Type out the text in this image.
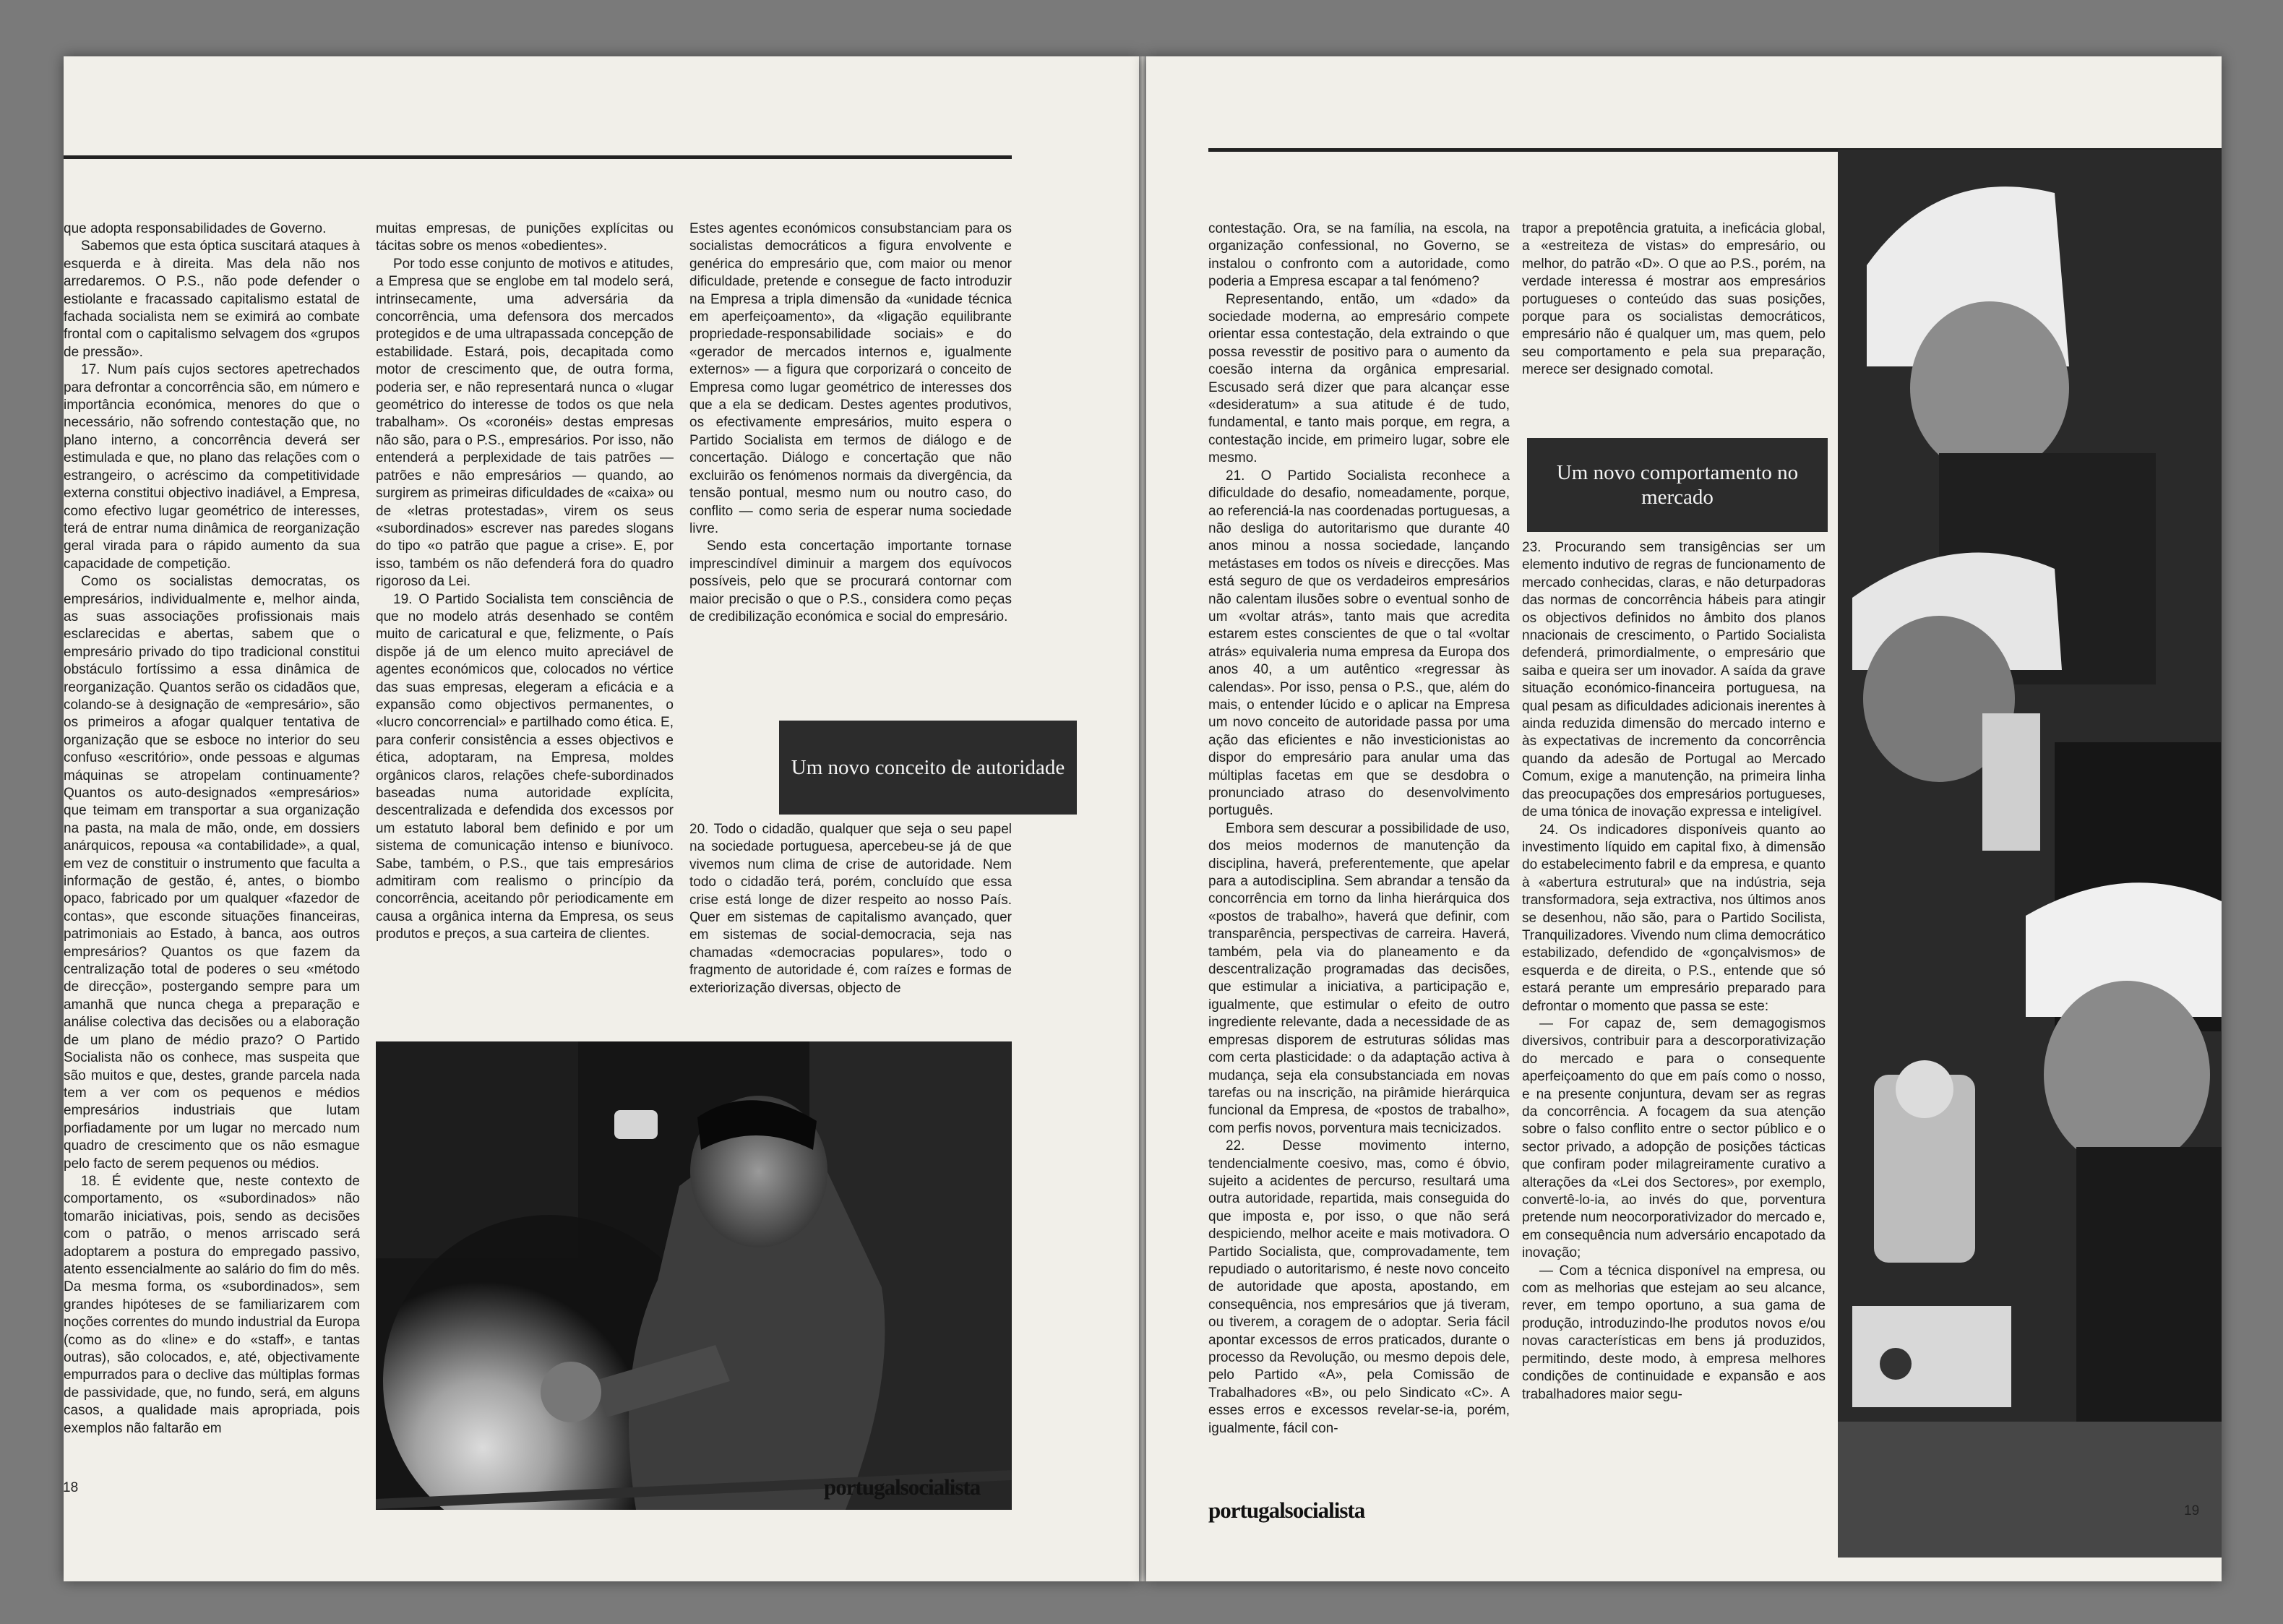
que adopta responsabilidades de Governo.

Sabemos que esta óptica suscitará ataques à esquerda e à direita. Mas dela não nos arredaremos. O P.S., não pode defender o estiolante e fracassado capitalismo estatal de fachada socialista nem se eximirá ao combate frontal com o capitalismo selvagem dos «grupos de pressão».

17. Num país cujos sectores apetrechados para defrontar a concorrência são, em número e importância económica, menores do que o necessário, não sofrendo contestação que, no plano interno, a concorrência deverá ser estimulada e que, no plano das relações com o estrangeiro, o acréscimo da competitividade externa constitui objectivo inadiável, a Empresa, como efectivo lugar geométrico de interesses, terá de entrar numa dinâmica de reorganização geral virada para o rápido aumento da sua capacidade de competição.

Como os socialistas democratas, os empresários, individualmente e, melhor ainda, as suas associações profissionais mais esclarecidas e abertas, sabem que o empresário privado do tipo tradicional constitui obstáculo fortíssimo a essa dinâmica de reorganização. Quantos serão os cidadãos que, colando-se à designação de «empresário», são os primeiros a afogar qualquer tentativa de organização que se esboce no interior do seu confuso «escritório», onde pessoas e algumas máquinas se atropelam continuamente? Quantos os auto-designados «empresários» que teimam em transportar a sua organização na pasta, na mala de mão, onde, em dossiers anárquicos, repousa «a contabilidade», a qual, em vez de constituir o instrumento que faculta a informação de gestão, é, antes, o biombo opaco, fabricado por um qualquer «fazedor de contas», que esconde situações financeiras, patrimoniais ao Estado, à banca, aos outros empresários? Quantos os que fazem da centralização total de poderes o seu «método de direcção», postergando sempre para um amanhã que nunca chega a preparação e análise colectiva das decisões ou a elaboração de um plano de médio prazo? O Partido Socialista não os conhece, mas suspeita que são muitos e que, destes, grande parcela nada tem a ver com os pequenos e médios empresários industriais que lutam porfiadamente por um lugar no mercado num quadro de crescimento que os não esmague pelo facto de serem pequenos ou médios.

18. É evidente que, neste contexto de comportamento, os «subordinados» não tomarão iniciativas, pois, sendo as decisões com o patrão, o menos arriscado será adoptarem a postura do empregado passivo, atento essencialmente ao salário do fim do mês. Da mesma forma, os «subordinados», sem grandes hipóteses de se familiarizarem com noções correntes do mundo industrial da Europa (como as do «line» e do «staff», e tantas outras), são colocados, e, até, objectivamente empurrados para o declive das múltiplas formas de passividade, que, no fundo, será, em alguns casos, a qualidade mais apropriada, pois exemplos não faltarão em

muitas empresas, de punições explícitas ou tácitas sobre os menos «obedientes».

Por todo esse conjunto de motivos e atitudes, a Empresa que se englobe em tal modelo será, intrinsecamente, uma adversária da concorrência, uma defensora dos mercados protegidos e de uma ultrapassada concepção de estabilidade. Estará, pois, decapitada como motor de crescimento que, de outra forma, poderia ser, e não representará nunca o «lugar geométrico do interesse de todos os que nela trabalham». Os «coronéis» destas empresas não são, para o P.S., empresários. Por isso, não entenderá a perplexidade de tais patrões — patrões e não empresários — quando, ao surgirem as primeiras dificuldades de «caixa» ou de «letras protestadas», virem os seus «subordinados» escrever nas paredes slogans do tipo «o patrão que pague a crise». E, por isso, também os não defenderá fora do quadro rigoroso da Lei.

19. O Partido Socialista tem consciência de que no modelo atrás desenhado se contêm muito de caricatural e que, felizmente, o País dispõe já de um elenco muito apreciável de agentes económicos que, colocados no vértice das suas empresas, elegeram a eficácia e a expansão como objectivos permanentes, o «lucro concorrencial» e partilhado como ética. E, para conferir consistência a esses objectivos e ética, adoptaram, na Empresa, moldes orgânicos claros, relações chefe-subordinados baseadas numa autoridade explícita, descentralizada e defendida dos excessos por um estatuto laboral bem definido e por um sistema de comunicação intenso e biunívoco. Sabe, também, o P.S., que tais empresários admitiram com realismo o princípio da concorrência, aceitando pôr periodicamente em causa a orgânica interna da Empresa, os seus produtos e preços, a sua carteira de clientes.

Estes agentes económicos consubstanciam para os socialistas democráticos a figura envolvente e genérica do empresário que, com maior ou menor dificuldade, pretende e consegue de facto introduzir na Empresa a tripla dimensão da «unidade técnica em aperfeiçoamento», da «ligação equilibrante propriedade-responsabilidade sociais» e do «gerador de mercados internos e, igualmente externos» — a figura que corporizará o conceito de Empresa como lugar geométrico de interesses dos que a ela se dedicam. Destes agentes produtivos, os efectivamente empresários, muito espera o Partido Socialista em termos de diálogo e de concertação. Diálogo e concertação que não excluirão os fenómenos normais da divergência, da tensão pontual, mesmo num ou noutro caso, do conflito — como seria de esperar numa sociedade livre.

Sendo esta concertação importante tornase imprescindível diminuir a margem dos equívocos possíveis, pelo que se procurará contornar com maior precisão o que o P.S., considera como peças de credibilização económica e social do empresário.

Um novo conceito de autoridade

20. Todo o cidadão, qualquer que seja o seu papel na sociedade portuguesa, apercebeu-se já de que vivemos num clima de crise de autoridade. Nem todo o cidadão terá, porém, concluído que essa crise está longe de dizer respeito ao nosso País. Quer em sistemas de capitalismo avançado, quer em sistemas de social-democracia, seja nas chamadas «democracias populares», todo o fragmento de autoridade é, com raízes e formas de exteriorização diversas, objecto de

18	portugalsocialista

contestação. Ora, se na família, na escola, na organização confessional, no Governo, se instalou o confronto com a autoridade, como poderia a Empresa escapar a tal fenómeno?

Representando, então, um «dado» da sociedade moderna, ao empresário compete orientar essa contestação, dela extraindo o que possa revesstir de positivo para o aumento da coesão interna da orgânica empresarial. Escusado será dizer que para alcançar esse «desideratum» a sua atitude é de tudo, fundamental, e tanto mais porque, em regra, a contestação incide, em primeiro lugar, sobre ele mesmo.

21. O Partido Socialista reconhece a dificuldade do desafio, nomeadamente, porque, ao referenciá-la nas coordenadas portuguesas, a não desliga do autoritarismo que durante 40 anos minou a nossa sociedade, lançando metástases em todos os níveis e direcções. Mas está seguro de que os verdadeiros empresários não calentam ilusões sobre o eventual sonho de um «voltar atrás», tanto mais que acredita estarem estes conscientes de que o tal «voltar atrás» equivaleria numa empresa da Europa dos anos 40, a um autêntico «regressar às calendas». Por isso, pensa o P.S., que, além do mais, o entender lúcido e o aplicar na Empresa um novo conceito de autoridade passa por uma ação das eficientes e não investicionistas ao dispor do empresário para anular uma das múltiplas facetas em que se desdobra o pronunciado atraso do desenvolvimento português.

Embora sem descurar a possibilidade de uso, dos meios modernos de manutenção da disciplina, haverá, preferentemente, que apelar para a autodisciplina. Sem abrandar a tensão da concorrência em torno da linha hierárquica dos «postos de trabalho», haverá que definir, com transparência, perspectivas de carreira. Haverá, também, pela via do planeamento e da descentralização programadas das decisões, que estimular a iniciativa, a participação e, igualmente, que estimular o efeito de outro ingrediente relevante, dada a necessidade de as empresas disporem de estruturas sólidas mas com certa plasticidade: o da adaptação activa à mudança, seja ela consubstanciada em novas tarefas ou na inscrição, na pirâmide hierárquica funcional da Empresa, de «postos de trabalho», com perfis novos, porventura mais tecnicizados.

22. Desse movimento interno, tendencialmente coesivo, mas, como é óbvio, sujeito a acidentes de percurso, resultará uma outra autoridade, repartida, mais conseguida do que imposta e, por isso, o que não será despiciendo, melhor aceite e mais motivadora. O Partido Socialista, que, comprovadamente, tem repudiado o autoritarismo, é neste novo conceito de autoridade que aposta, apostando, em consequência, nos empresários que já tiveram, ou tiverem, a coragem de o adoptar. Seria fácil apontar excessos de erros praticados, durante o processo da Revolução, ou mesmo depois dele, pelo Partido «A», pela Comissão de Trabalhadores «B», ou pelo Sindicato «C». A esses erros e excessos revelar-se-ia, porém, igualmente, fácil con-

trapor a prepotência gratuita, a ineficácia global, a «estreiteza de vistas» do empresário, ou melhor, do patrão «D». O que ao P.S., porém, na verdade interessa é mostrar aos empresários portugueses o conteúdo das suas posições, porque para os socialistas democráticos, empresário não é qualquer um, mas quem, pelo seu comportamento e pela sua preparação, merece ser designado comotal.

Um novo comportamento no mercado

23. Procurando sem transigências ser um elemento indutivo de regras de funcionamento de mercado conhecidas, claras, e não deturpadoras das normas de concorrência hábeis para atingir os objectivos definidos no âmbito dos planos nnacionais de crescimento, o Partido Socialista defenderá, primordialmente, o empresário que saiba e queira ser um inovador. A saída da grave situação económico-financeira portuguesa, na qual pesam as dificuldades adicionais inerentes à ainda reduzida dimensão do mercado interno e às expectativas de incremento da concorrência quando da adesão de Portugal ao Mercado Comum, exige a manutenção, na primeira linha das preocupações dos empresários portugueses, de uma tónica de inovação expressa e inteligível.

24. Os indicadores disponíveis quanto ao investimento líquido em capital fixo, à dimensão do estabelecimento fabril e da empresa, e quanto à «abertura estrutural» que na indústria, seja transformadora, seja extractiva, nos últimos anos se desenhou, não são, para o Partido Socilista, Tranquilizadores. Vivendo num clima democrático estabilizado, defendido de «gonçalvismos» de esquerda e de direita, o P.S., entende que só estará perante um empresário preparado para defrontar o momento que passa se este:

— For capaz de, sem demagogismos diversivos, contribuir para a descorporativização do mercado e para o consequente aperfeiçoamento do que em país como o nosso, e na presente conjuntura, devam ser as regras da concorrência. A focagem da sua atenção sobre o falso conflito entre o sector público e o sector privado, a adopção de posições tácticas que confiram poder milagreiramente curativo a alterações da «Lei dos Sectores», por exemplo, convertê-lo-ia, ao invés do que, porventura pretende num neocorporativizador do mercado e, em consequência num adversário encapotado da inovação;

— Com a técnica disponível na empresa, ou com as melhorias que estejam ao seu alcance, rever, em tempo oportuno, a sua gama de produção, introduzindo-lhe produtos novos e/ou novas características em bens já produzidos, permitindo, deste modo, à empresa melhores condições de continuidade e expansão e aos trabalhadores maior segu-

portugalsocialista	19
